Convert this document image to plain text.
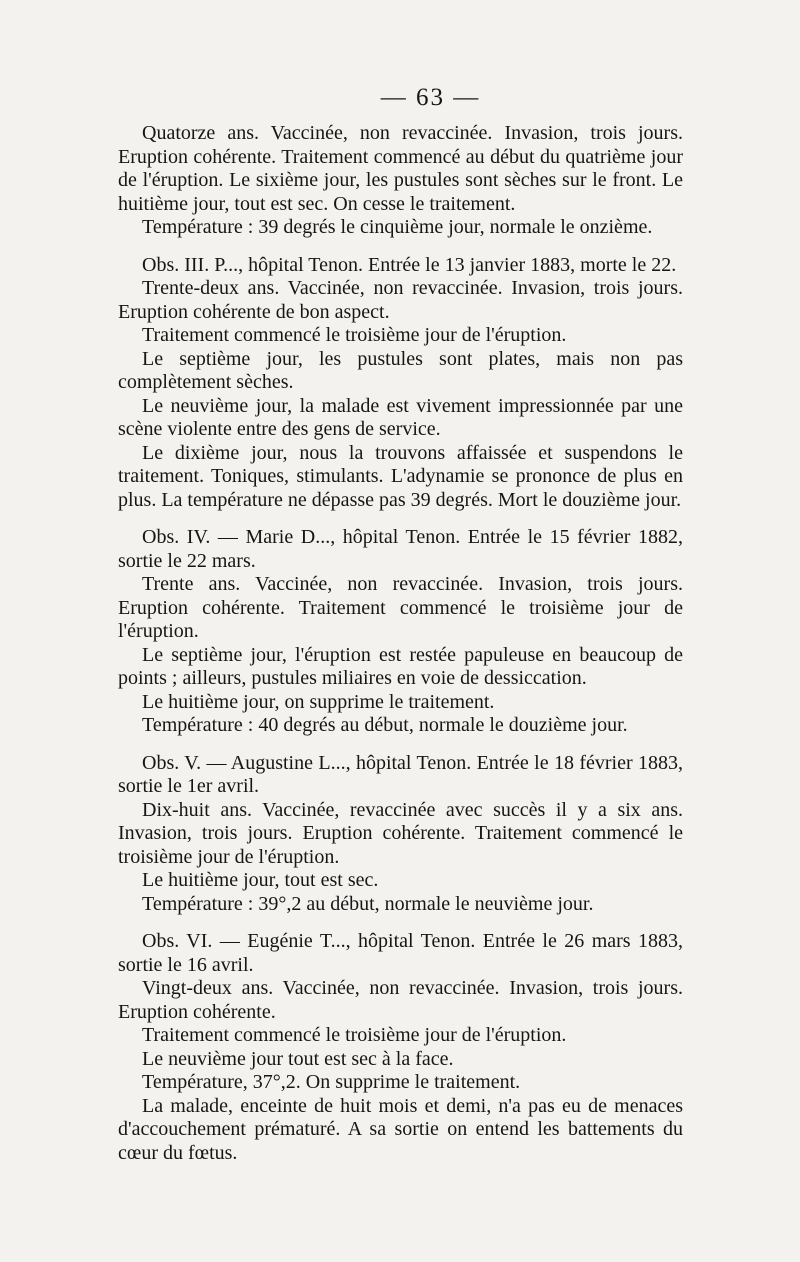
— 63 —

Quatorze ans. Vaccinée, non revaccinée. Invasion, trois jours. Eruption cohérente. Traitement commencé au début du quatrième jour de l'éruption. Le sixième jour, les pustules sont sèches sur le front. Le huitième jour, tout est sec. On cesse le traitement.

Température : 39 degrés le cinquième jour, normale le onzième.

Obs. III. P..., hôpital Tenon. Entrée le 13 janvier 1883, morte le 22.

Trente-deux ans. Vaccinée, non revaccinée. Invasion, trois jours. Eruption cohérente de bon aspect.

Traitement commencé le troisième jour de l'éruption.

Le septième jour, les pustules sont plates, mais non pas complètement sèches.

Le neuvième jour, la malade est vivement impressionnée par une scène violente entre des gens de service.

Le dixième jour, nous la trouvons affaissée et suspendons le traitement. Toniques, stimulants. L'adynamie se prononce de plus en plus. La température ne dépasse pas 39 degrés. Mort le douzième jour.

Obs. IV. — Marie D..., hôpital Tenon. Entrée le 15 février 1882, sortie le 22 mars.

Trente ans. Vaccinée, non revaccinée. Invasion, trois jours. Eruption cohérente. Traitement commencé le troisième jour de l'éruption.

Le septième jour, l'éruption est restée papuleuse en beaucoup de points ; ailleurs, pustules miliaires en voie de dessiccation.

Le huitième jour, on supprime le traitement.

Température : 40 degrés au début, normale le douzième jour.

Obs. V. — Augustine L..., hôpital Tenon. Entrée le 18 février 1883, sortie le 1er avril.

Dix-huit ans. Vaccinée, revaccinée avec succès il y a six ans. Invasion, trois jours. Eruption cohérente. Traitement commencé le troisième jour de l'éruption.

Le huitième jour, tout est sec.

Température : 39°,2 au début, normale le neuvième jour.

Obs. VI. — Eugénie T..., hôpital Tenon. Entrée le 26 mars 1883, sortie le 16 avril.

Vingt-deux ans. Vaccinée, non revaccinée. Invasion, trois jours. Eruption cohérente.

Traitement commencé le troisième jour de l'éruption.

Le neuvième jour tout est sec à la face.

Température, 37°,2. On supprime le traitement.

La malade, enceinte de huit mois et demi, n'a pas eu de menaces d'accouchement prématuré. A sa sortie on entend les battements du cœur du fœtus.
